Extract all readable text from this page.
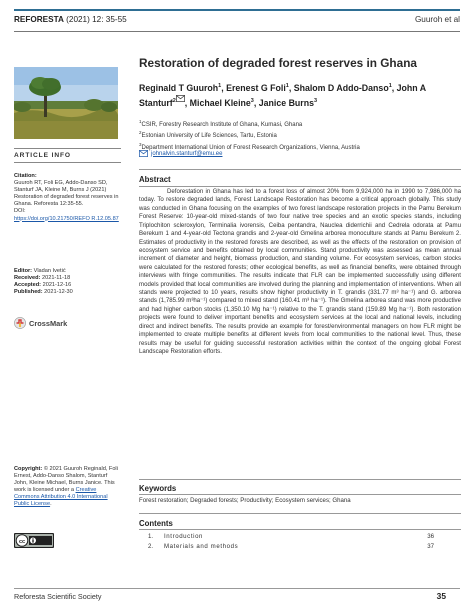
REFORESTA (2021) 12: 35-55	Guuroh et al
ARTICLE INFO
Citation:
Guuroh RT, Foli EG, Addo-Danso SD, Stanturf JA, Kleine M, Burns J (2021) Restoration of degraded forest reserves in Ghana. Reforesta 12:35-55.
DOI:
https://doi.org/10.21750/REFO R.12.05.87
Editor: Vladan Ivetić
Received: 2021-11-18
Accepted: 2021-12-16
Published: 2021-12-30
CrossMark
Copyright: © 2021 Guuroh Reginald, Foli Ernest, Addo-Danso Shalom, Stanturf John, Kleine Michael, Burns Janice. This work is licensed under a Creative Commons Attribution 4.0 International Public License.
cc
Restoration of degraded forest reserves in Ghana
Reginald T Guuroh$^1$, Erenest G Foli$^1$, Shalom D Addo-Danso$^1$, John A Stanturf$^2$ , Michael Kleine$^3$, Janice Burns$^3$
$^1$CSIR, Forestry Research Institute of Ghana, Kumasi, Ghana
$^2$Estonian University of Life Sciences, Tartu, Estonia
$^3$Department International Union of Forest Research Organizations, Vienna, Austria
johnalvin.stanturf@emu.ee
Abstract
Deforestation in Ghana has led to a forest loss of almost 20% from 9,924,000 ha in 1990 to 7,986,000 ha today. To restore degraded lands, Forest Landscape Restoration has become a critical approach globally. This study was conducted in Ghana focusing on the examples of two forest landscape restoration projects in the Pamu Berekum Forest Reserve: 10-year-old mixed-stands of two four native tree species and an exotic species stands, including Triplochiton scleroxylon, Terminalia ivorensis, Ceiba pentandra, Nauclea diderrichii and Cedrela odorata at Pamu Berekum 1 and 4-year-old Tectona grandis and 2-year-old Gmelina arborea monoculture stands at Pamu Berekum 2. Estimates of productivity in the restored forests are described, as well as the effects of the restoration on provision of ecosystem service and benefits obtained by local communities. Stand productivity was assessed as mean annual increment of diameter and height, biomass production, and standing volume. For ecosystem services, carbon stocks were calculated for the restored forests; other ecological benefits, as well as financial benefits, were obtained through interviews with fringe communities. The results indicate that FLR can be implemented successfully using different models provided that local communities are involved during the planning and implementation of interventions. When all stands were projected to 10 years, results show higher productivity in T. grandis (331.77 m³ ha⁻¹) and G. arborea stands (1,785.99 m³ha⁻¹) compared to mixed stand (160.41 m³ ha⁻¹). The Gmelina arborea stand was more productive and had higher carbon stocks (1,350.10 Mg ha⁻¹) relative to the T. grandis stand (159.89 Mg ha⁻¹). Both restoration projects were found to deliver important benefits and ecosystem services at the local and national levels, including direct and indirect benefits. The results provide an example for forest/environmental managers on how FLR might be implemented to create multiple benefits at different levels from local communities to the national level. Thus, these results may be useful for guiding successful restoration activities within the context of the ongoing global Forest Landscape Restoration efforts.
Keywords
Forest restoration; Degraded forests; Productivity; Ecosystem services; Ghana
Contents
1. Introduction	36
2. Materials and methods	37
Reforesta Scientific Society	35
